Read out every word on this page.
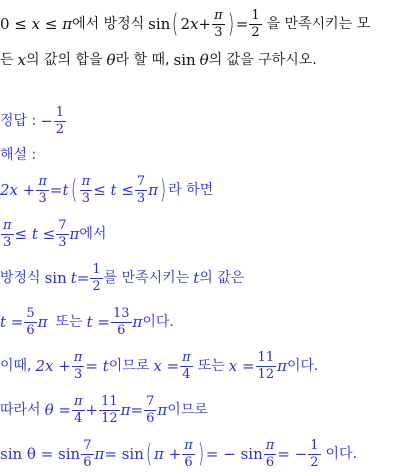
0 ≤ x ≤ π 에서 방정식 sin ( 2 $x + \frac{\pi}{3}$ ) = $\frac{1}{2}$ 을 만족시키는 모
든 x 의 값의 합을 θ 라 할 때, sin θ 의 값을 구하시오.
정답 : − $\frac{1}{2}$
해설 :
$2x + \frac{\pi}{3} = t$ ( $\frac{\pi}{3} \le t \le \frac{7}{3}$ π ) 라 하면
$\frac{\pi}{3} \le t \le \frac{7}{3}$ π 에서
방정식 $\sin t = \frac{1}{2}$ 를 만족시키는 t 의 값은
$t = \frac{5}{6}$ π 또는 $t = \frac{13}{6}$ π 이다.
이때, $2x + \frac{\pi}{3} = t$ 이므로 $x = \frac{\pi}{4}$ 또는 $x = \frac{11}{12}$ π 이다.
따라서 $\theta = \frac{\pi}{4} + \frac{11}{12}$ $\pi = \frac{7}{6}$ π 이므로
$\sin \theta = \sin \frac{7}{6}$ π = sin ( $\pi + \frac{\pi}{6}$ ) = − $\sin \frac{\pi}{6}$ = − $\frac{1}{2}$ 이다.
